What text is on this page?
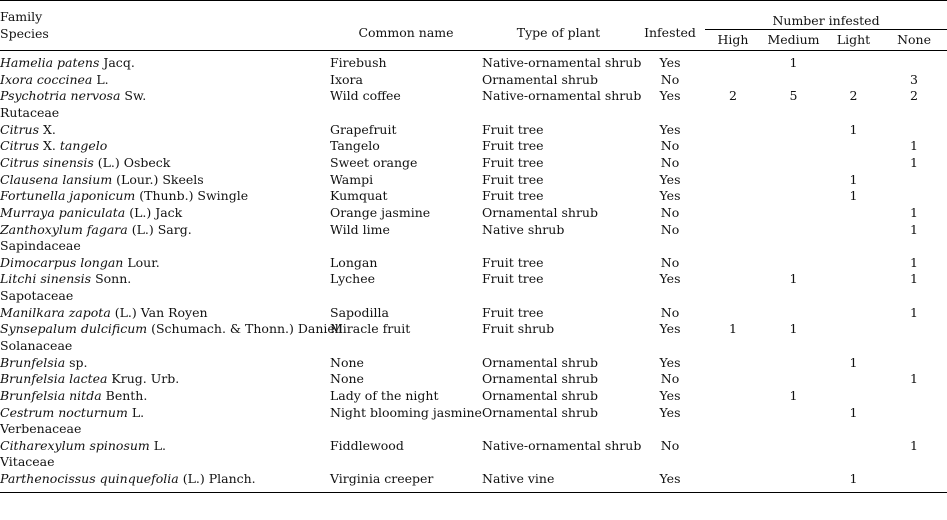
Family
Species	Common name	Type of plant	Infested	Number infested			
				High	Medium	Light	None

Hamelia patens Jacq.	Firebush	Native-ornamental shrub	Yes		1		
Ixora coccinea L.	Ixora	Ornamental shrub	No				3
Psychotria nervosa Sw.	Wild coffee	Native-ornamental shrub	Yes	2	5	2	2
Rutaceae							
Citrus X.	Grapefruit	Fruit tree	Yes			1	
Citrus X. tangelo	Tangelo	Fruit tree	No				1
Citrus sinensis (L.) Osbeck	Sweet orange	Fruit tree	No				1
Clausena lansium (Lour.) Skeels	Wampi	Fruit tree	Yes			1	
Fortunella japonicum (Thunb.) Swingle	Kumquat	Fruit tree	Yes			1	
Murraya paniculata (L.) Jack	Orange jasmine	Ornamental shrub	No				1
Zanthoxylum fagara (L.) Sarg.	Wild lime	Native shrub	No				1
Sapindaceae							
Dimocarpus longan Lour.	Longan	Fruit tree	No				1
Litchi sinensis Sonn.	Lychee	Fruit tree	Yes		1		1
Sapotaceae							
Manilkara zapota (L.) Van Royen	Sapodilla	Fruit tree	No				1
Synsepalum dulcificum (Schumach. & Thonn.) Daniell	Miracle fruit	Fruit shrub	Yes	1	1		
Solanaceae							
Brunfelsia sp.	None	Ornamental shrub	Yes			1	
Brunfelsia lactea Krug. Urb.	None	Ornamental shrub	No				1
Brunfelsia nitda Benth.	Lady of the night	Ornamental shrub	Yes		1		
Cestrum nocturnum L.	Night blooming jasmine	Ornamental shrub	Yes			1	
Verbenaceae							
Citharexylum spinosum L.	Fiddlewood	Native-ornamental shrub	No				1
Vitaceae							
Parthenocissus quinquefolia (L.) Planch.	Virginia creeper	Native vine	Yes			1	
